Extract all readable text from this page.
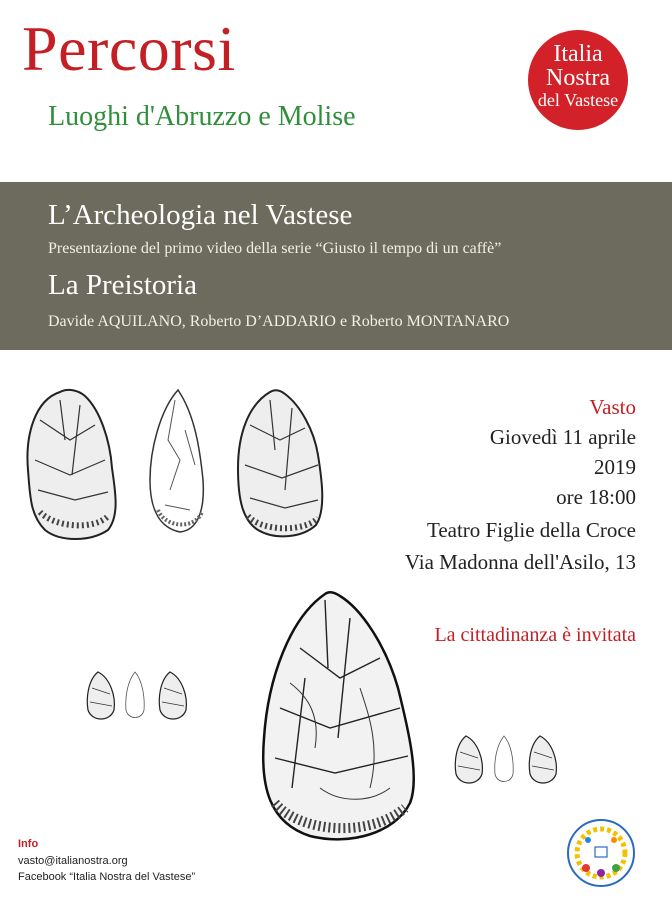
Percorsi
Luoghi d'Abruzzo e Molise
Italia
Nostra
del Vastese
L’Archeologia nel Vastese
Presentazione del primo video della serie “Giusto il tempo di un caffè”
La Preistoria
Davide AQUILANO, Roberto D’ADDARIO e Roberto MONTANARO
Vasto
Giovedì 11 aprile
2019
ore 18:00
Teatro Figlie della Croce
Via Madonna dell'Asilo, 13
La cittadinanza è invitata
Info
vasto@italianostra.org
Facebook “Italia Nostra del Vastese”
